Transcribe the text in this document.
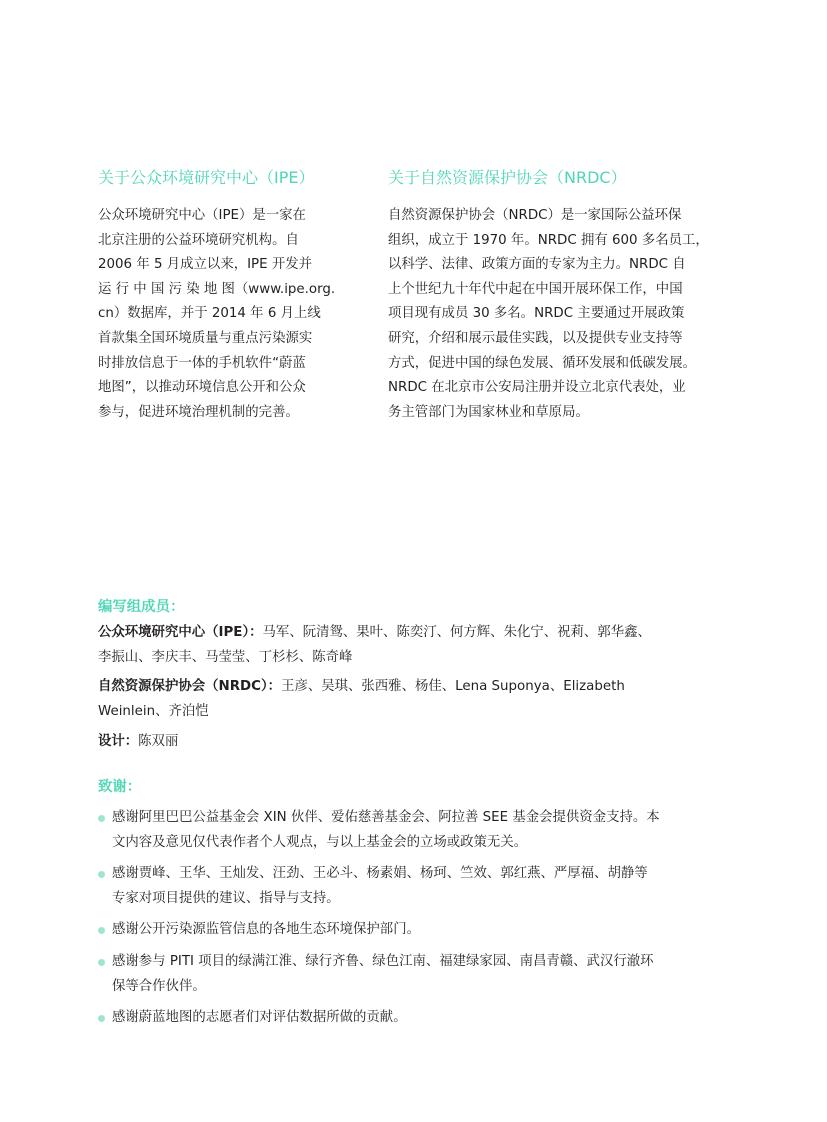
关于公众环境研究中心（IPE）
公众环境研究中心（IPE）是一家在
北京注册的公益环境研究机构。自
2006 年 5 月成立以来，IPE 开发并
运 行 中 国 污 染 地 图（www.ipe.org.
cn）数据库，并于 2014 年 6 月上线
首款集全国环境质量与重点污染源实
时排放信息于一体的手机软件“蔚蓝
地图”，以推动环境信息公开和公众
参与，促进环境治理机制的完善。
关于自然资源保护协会（NRDC）
自然资源保护协会（NRDC）是一家国际公益环保
组织，成立于 1970 年。NRDC 拥有 600 多名员工，
以科学、法律、政策方面的专家为主力。NRDC 自
上个世纪九十年代中起在中国开展环保工作，中国
项目现有成员 30 多名。NRDC 主要通过开展政策
研究，介绍和展示最佳实践，以及提供专业支持等
方式，促进中国的绿色发展、循环发展和低碳发展。
NRDC 在北京市公安局注册并设立北京代表处，业
务主管部门为国家林业和草原局。
编写组成员：
公众环境研究中心（IPE）：马军、阮清鸳、果叶、陈奕汀、何方辉、朱化宁、祝莉、郭华鑫、
李振山、李庆丰、马莹莹、丁杉杉、陈奇峰
自然资源保护协会（NRDC）：王彦、吴琪、张西雅、杨佳、Lena Suponya、Elizabeth
Weinlein、齐泊恺
设计：陈双丽
致谢：
感谢阿里巴巴公益基金会 XIN 伙伴、爱佑慈善基金会、阿拉善 SEE 基金会提供资金支持。本
文内容及意见仅代表作者个人观点，与以上基金会的立场或政策无关。
感谢贾峰、王华、王灿发、汪劲、王必斗、杨素娟、杨珂、竺效、郭红燕、严厚福、胡静等
专家对项目提供的建议、指导与支持。
感谢公开污染源监管信息的各地生态环境保护部门。
感谢参与 PITI 项目的绿满江淮、绿行齐鲁、绿色江南、福建绿家园、南昌青赣、武汉行澈环
保等合作伙伴。
感谢蔚蓝地图的志愿者们对评估数据所做的贡献。
